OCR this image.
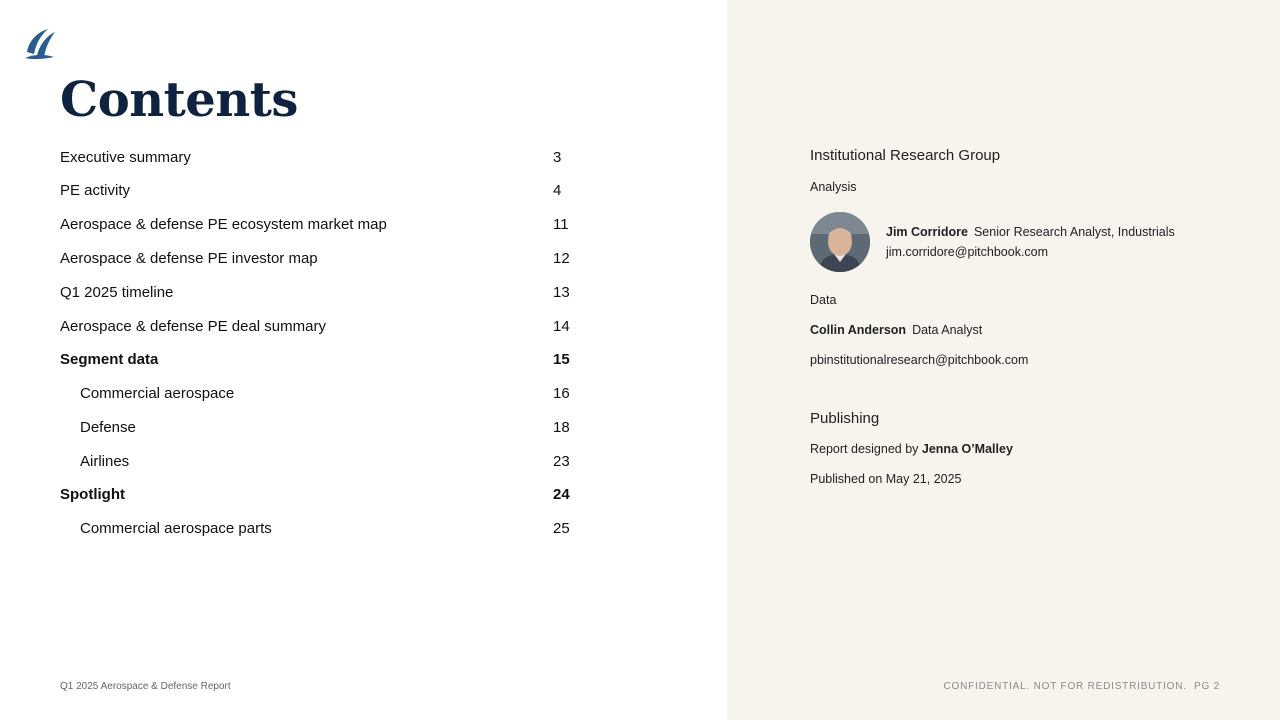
Contents
Executive summary	3
PE activity	4
Aerospace & defense PE ecosystem market map	11
Aerospace & defense PE investor map	12
Q1 2025 timeline	13
Aerospace & defense PE deal summary	14
Segment data	15
Commercial aerospace	16
Defense	18
Airlines	23
Spotlight	24
Commercial aerospace parts	25
Institutional Research Group
Analysis
Jim Corridore Senior Research Analyst, Industrials
jim.corridore@pitchbook.com
Data
Collin Anderson Data Analyst
pbinstitutionalresearch@pitchbook.com
Publishing
Report designed by Jenna O’Malley
Published on May 21, 2025
Q1 2025 Aerospace & Defense Report	CONFIDENTIAL. NOT FOR REDISTRIBUTION.  PG 2
